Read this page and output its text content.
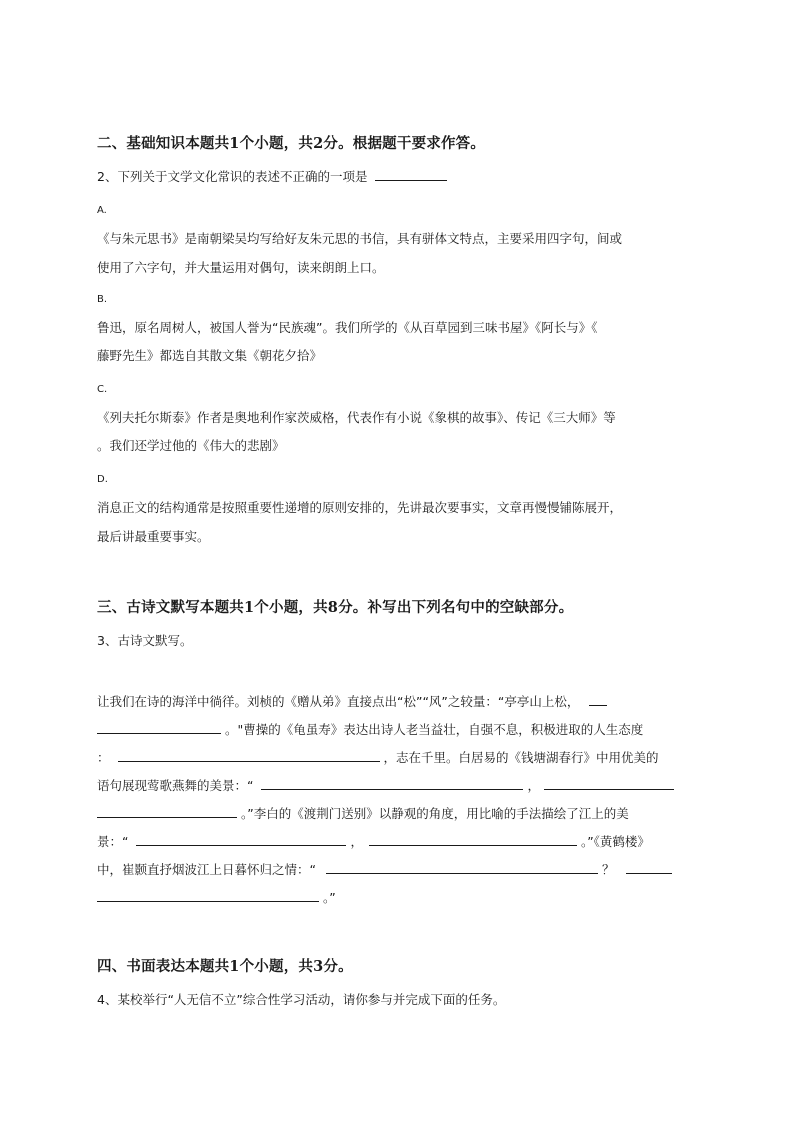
二、基础知识本题共1个小题，共2分。根据题干要求作答。
2、下列关于文学文化常识的表述不正确的一项是
A.
《与朱元思书》是南朝梁吴均写给好友朱元思的书信，具有骈体文特点，主要采用四字句，间或
使用了六字句，并大量运用对偶句，读来朗朗上口。
B.
鲁迅，原名周树人，被国人誉为“民族魂”。我们所学的《从百草园到三味书屋》《阿长与》《
藤野先生》都选自其散文集《朝花夕拾》
C.
《列夫托尔斯泰》作者是奥地利作家茨威格，代表作有小说《象棋的故事》、传记《三大师》等
。我们还学过他的《伟大的悲剧》
D.
消息正文的结构通常是按照重要性递增的原则安排的，先讲最次要事实，文章再慢慢铺陈展开，
最后讲最重要事实。
三、古诗文默写本题共1个小题，共8分。补写出下列名句中的空缺部分。
3、古诗文默写。
让我们在诗的海洋中徜徉。刘桢的《赠从弟》直接点出“松”“风”之较量：“亭亭山上松，
。"曹操的《龟虽寿》表达出诗人老当益壮，自强不息，积极进取的人生态度
：	，志在千里。白居易的《钱塘湖春行》中用优美的
语句展现莺歌燕舞的美景：“	，
。”李白的《渡荆门送别》以静观的角度，用比喻的手法描绘了江上的美
景：“	，	。”《黄鹤楼》
中，崔颢直抒烟波江上日暮怀归之情：“	？
。”
四、书面表达本题共1个小题，共3分。
4、某校举行“人无信不立”综合性学习活动，请你参与并完成下面的任务。
